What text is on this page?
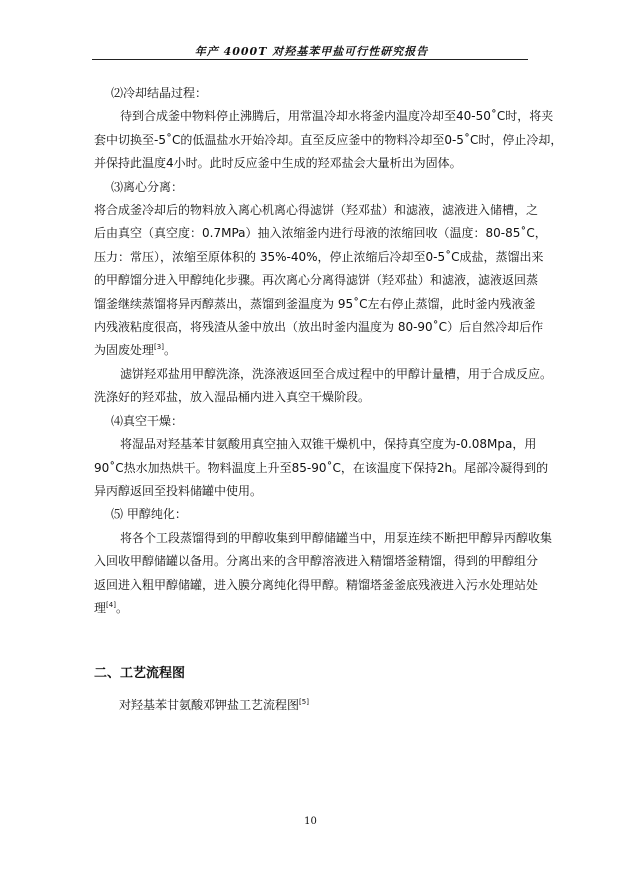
年产 4000T 对羟基苯甲盐可行性研究报告

⑵冷却结晶过程：

待到合成釜中物料停止沸腾后，用常温冷却水将釜内温度冷却至40-50˚C时，将夹

套中切换至-5˚C的低温盐水开始冷却。直至反应釜中的物料冷却至0-5˚C时，停止冷却，

并保持此温度4小时。此时反应釜中生成的羟邓盐会大量析出为固体。

⑶离心分离：

将合成釜冷却后的物料放入离心机离心得滤饼（羟邓盐）和滤液，滤液进入储槽，之

后由真空（真空度：0.7MPa）抽入浓缩釜内进行母液的浓缩回收（温度：80-85˚C，

压力：常压），浓缩至原体积的 35%-40%，停止浓缩后冷却至0-5˚C成盐，蒸馏出来

的甲醇馏分进入甲醇纯化步骤。再次离心分离得滤饼（羟邓盐）和滤液，滤液返回蒸

馏釜继续蒸馏将异丙醇蒸出，蒸馏到釜温度为 95˚C左右停止蒸馏，此时釜内残液釜

内残液粘度很高，将残渣从釜中放出（放出时釜内温度为 80-90˚C）后自然冷却后作

为固废处理[3]。

滤饼羟邓盐用甲醇洗涤，洗涤液返回至合成过程中的甲醇计量槽，用于合成反应。

洗涤好的羟邓盐，放入湿品桶内进入真空干燥阶段。

⑷真空干燥：

将湿品对羟基苯甘氨酸用真空抽入双锥干燥机中，保持真空度为-0.08Mpa，用

90˚C热水加热烘干。物料温度上升至85-90˚C，在该温度下保持2h。尾部冷凝得到的

异丙醇返回至投料储罐中使用。

⑸ 甲醇纯化：

将各个工段蒸馏得到的甲醇收集到甲醇储罐当中，用泵连续不断把甲醇异丙醇收集

入回收甲醇储罐以备用。分离出来的含甲醇溶液进入精馏塔釜精馏，得到的甲醇组分

返回进入粗甲醇储罐，进入膜分离纯化得甲醇。精馏塔釜釜底残液进入污水处理站处

理[4]。

二、工艺流程图

对羟基苯甘氨酸邓钾盐工艺流程图[5]

10
